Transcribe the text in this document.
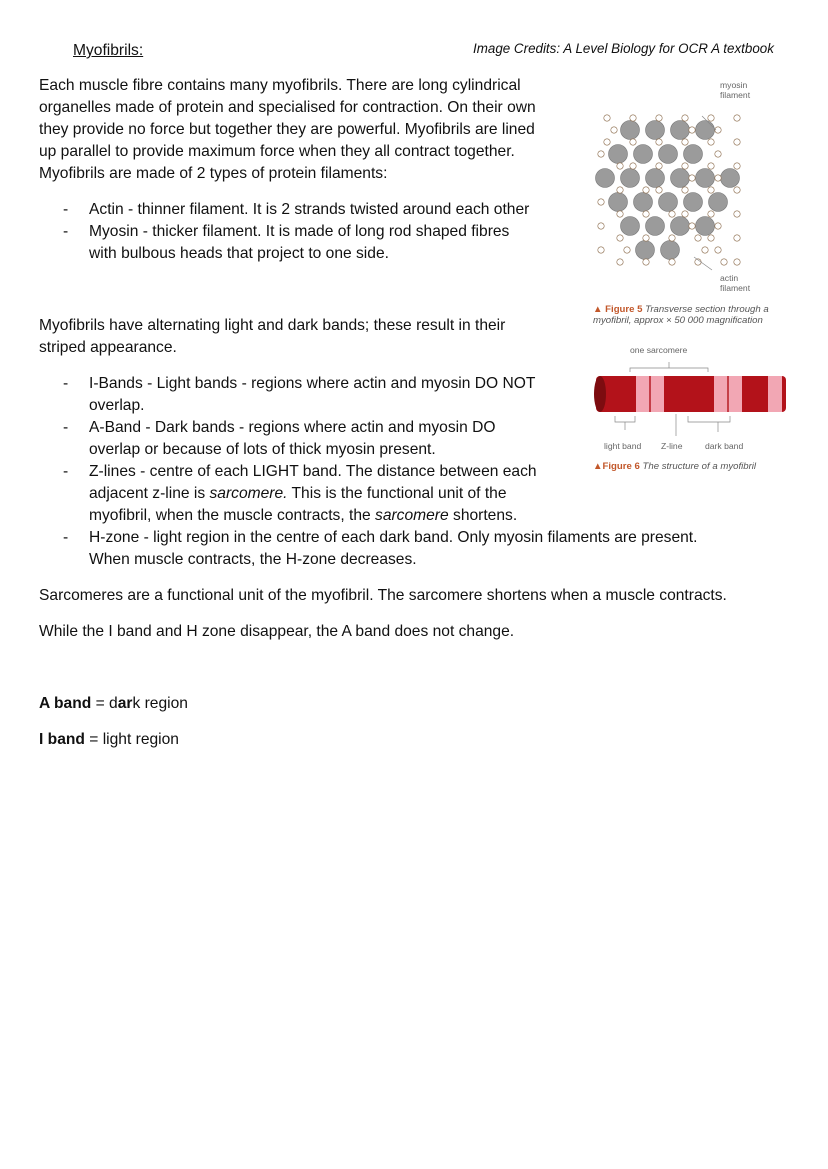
Myofibrils:	Image Credits: A Level Biology for OCR A textbook

Each muscle fibre contains many myofibrils. There are long cylindrical

organelles made of protein and specialised for contraction. On their own

they provide no force but together they are powerful. Myofibrils are lined

up parallel to provide maximum force when they all contract together.

Myofibrils are made of 2 types of protein filaments:

- Actin - thinner filament. It is 2 strands twisted around each other

- Myosin - thicker filament. It is made of long rod shaped fibres

with bulbous heads that project to one side.

Myofibrils have alternating light and dark bands; these result in their

striped appearance.

- I-Bands - Light bands - regions where actin and myosin DO NOT

overlap.

- A-Band - Dark bands - regions where actin and myosin DO

overlap or because of lots of thick myosin present.

- Z-lines - centre of each LIGHT band. The distance between each

adjacent z-line is sarcomere. This is the functional unit of the

myofibril, when the muscle contracts, the sarcomere shortens.

- H-zone - light region in the centre of each dark band. Only myosin filaments are present.

When muscle contracts, the H-zone decreases.

Sarcomeres are a functional unit of the myofibril. The sarcomere shortens when a muscle contracts.

While the I band and H zone disappear, the A band does not change.

A band = dark region

I band = light region

myosin
filament
actin
filament
▲ Figure 5 Transverse section through a
myofibril, approx × 50 000 magnification
one sarcomere
light band Z-line	dark band
▲Figure 6 The structure of a myofibril
